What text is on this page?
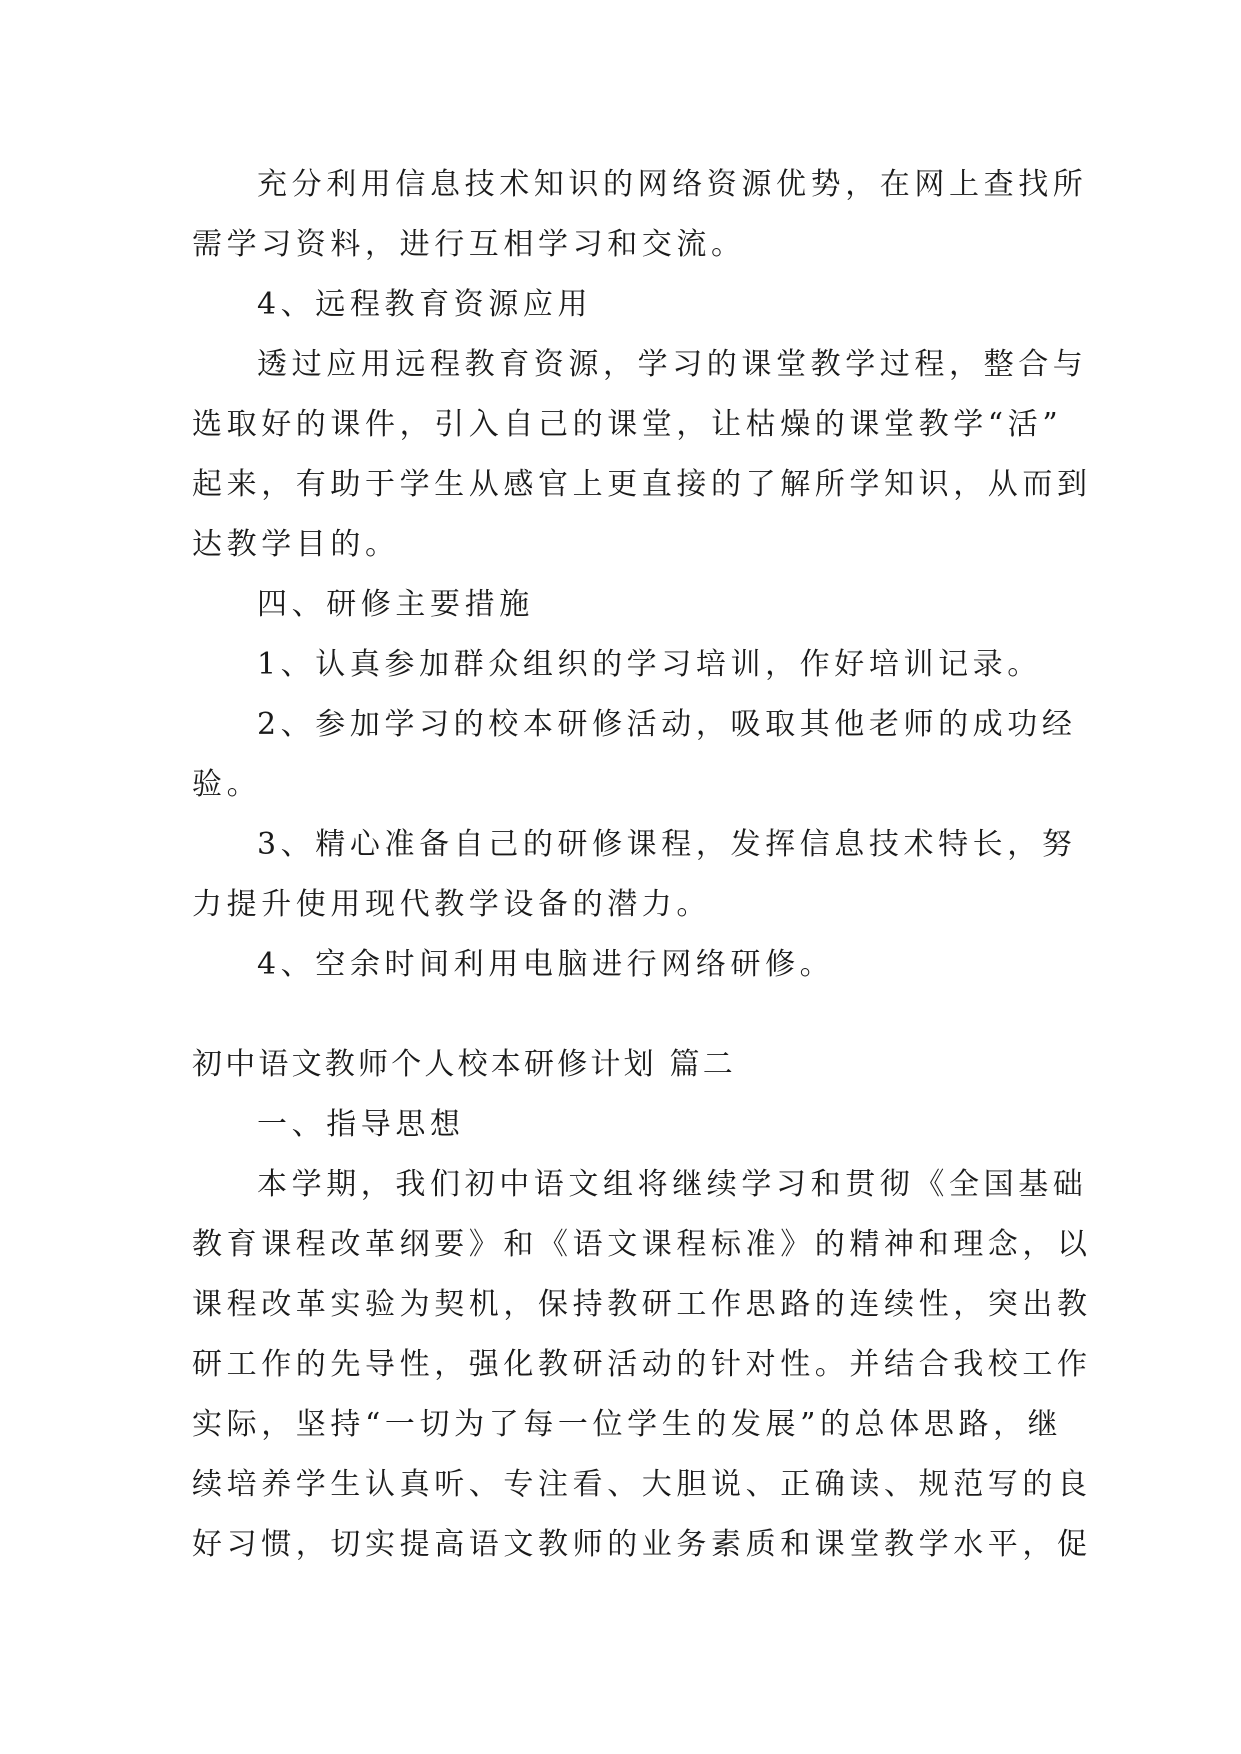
充分利用信息技术知识的网络资源优势，在网上查找所

需学习资料，进行互相学习和交流。

4、远程教育资源应用

透过应用远程教育资源，学习的课堂教学过程，整合与

选取好的课件，引入自己的课堂，让枯燥的课堂教学“活”

起来，有助于学生从感官上更直接的了解所学知识，从而到

达教学目的。

四、研修主要措施

1、认真参加群众组织的学习培训，作好培训记录。

2、参加学习的校本研修活动，吸取其他老师的成功经

验。

3、精心准备自己的研修课程，发挥信息技术特长，努

力提升使用现代教学设备的潜力。

4、空余时间利用电脑进行网络研修。

初中语文教师个人校本研修计划 篇二

一、指导思想

本学期，我们初中语文组将继续学习和贯彻《全国基础

教育课程改革纲要》和《语文课程标准》的精神和理念，以

课程改革实验为契机，保持教研工作思路的连续性，突出教

研工作的先导性，强化教研活动的针对性。并结合我校工作

实际，坚持“一切为了每一位学生的发展”的总体思路，继

续培养学生认真听、专注看、大胆说、正确读、规范写的良

好习惯，切实提高语文教师的业务素质和课堂教学水平，促
